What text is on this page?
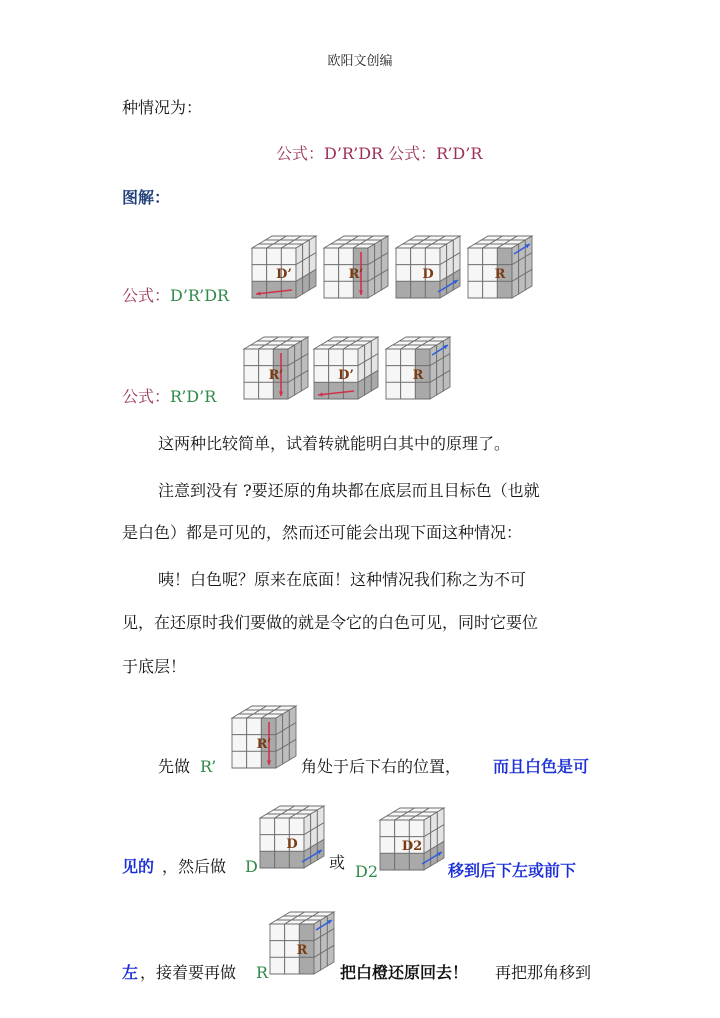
欧阳文创编
种情况为：
公式：D’R’DR 公式：R’D’R
图解：
公式：D’R’DR
公式：R’D’R
D’	R’	D	R
R’	D’	R
这两种比较简单，试着转就能明白其中的原理了。
注意到没有 ?要还原的角块都在底层而且目标色（也就
是白色）都是可见的，然而还可能会出现下面这种情况：
咦！白色呢？原来在底面！这种情况我们称之为不可
见，在还原时我们要做的就是令它的白色可见，同时它要位
于底层！
先做 R’
R’
角处于后下右的位置， 而且白色是可
见的 ，然后做 D
D
或 D2
D2
移到后下左或前下
左 ，接着要再做 R
R
把白橙还原回去！ 再把那角移到
